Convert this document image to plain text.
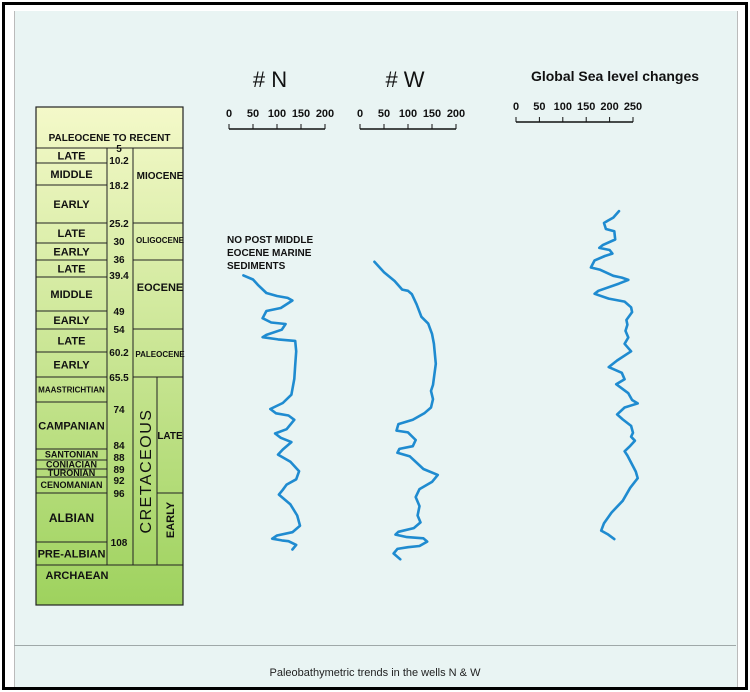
Paleobathymetric trends in the wells N & W
PALEOCENE TO RECENT
LATE
MIDDLE
EARLY
LATE
EARLY
LATE
MIDDLE
EARLY
LATE
EARLY
MAASTRICHTIAN
CAMPANIAN
SANTONIAN
CONIACIAN
TURONIAN
CENOMANIAN
ALBIAN
PRE-ALBIAN
ARCHAEAN
5
10.2
18.2
25.2
30
36
39.4
49
54
60.2
65.5
74
84
88
89
92
96
108
MIOCENE
OLIGOCENE
EOCENE
PALEOCENE
CRETACEOUS LATE
EARLY
# N
0 50 100 150 200
# W
0 50 100 150 200
Global Sea level changes
0 50 100 150 200 250
NO POST MIDDLE
EOCENE MARINE
SEDIMENTS
